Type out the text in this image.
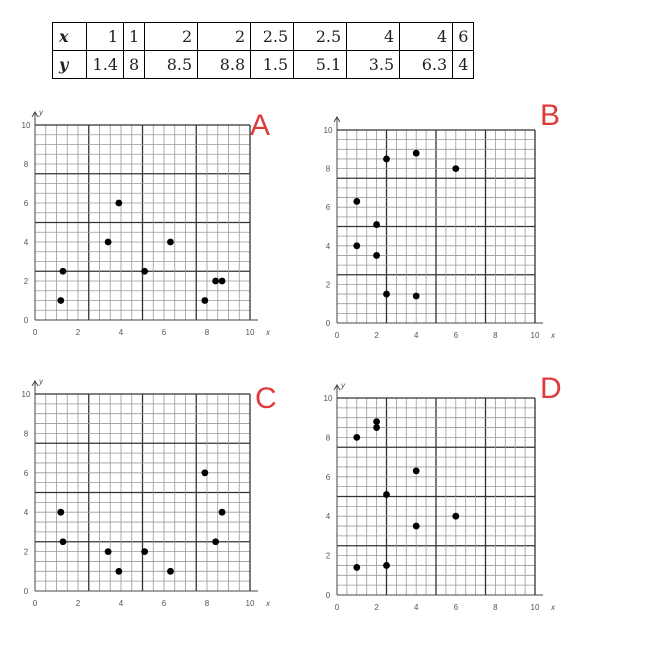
x	1	1	2	2	2.5	2.5	4	4	6
y	1.4	8	8.5	8.8	1.5	5.1	3.5	6.3	4
0	2	4	6	8	10
0
2
4
6
8
10
x
y	A
0	2	4	6	8	10
0
2
4
6
8
10
x
B
0	2	4	6	8	10
0
2
4
6
8
10
x
y
C
0	2	4	6	8	10
0
2
4
6
8
10
x
y	D
